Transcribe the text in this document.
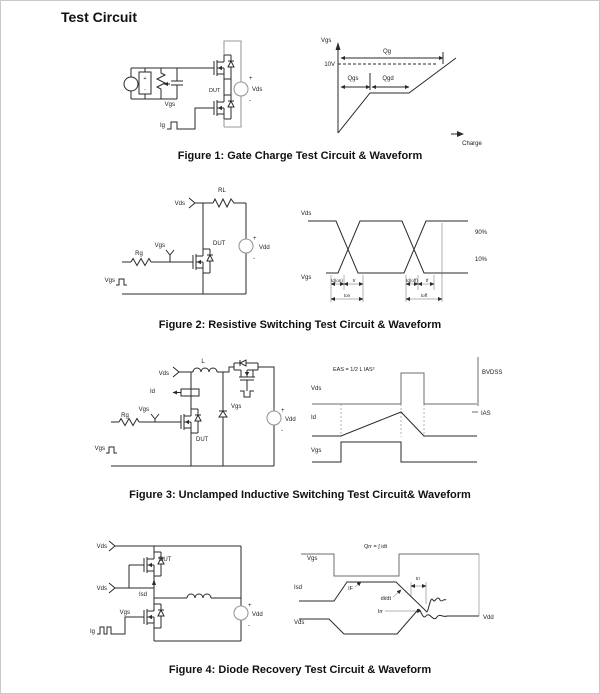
Test Circuit
+
-
Vgs
Ig
DUT
+
Vds
-
Vgs
10V
Qg
Qgs	Qgd
Charge
Figure 1: Gate Charge Test Circuit & Waveform
Vds
RL
+
Vdd
-
DUT
Vgs
Rg
Vgs
Vds
Vgs
90%
10%
td(on) tr
ton
td(off) tf
toff
Figure 2: Resistive Switching Test Circuit & Waveform
Vds
L
+
Vdd
-
Vgs
Id
Vgs
Rg
DUT
Vgs
EAS = 1/2 L IAS²	BVDSS
Vds
Id
IAS
Vgs
Figure 3: Unclamped Inductive Switching Test Circuit& Waveform
Vds
DUT
Vds
Isd
Vgs
Ig
+
Vdd
-
Qrr = ∫ idt
Vgs
Isd	IF
di/dt
trr
Irr
Vds
Vdd
Figure 4: Diode Recovery Test Circuit & Waveform
